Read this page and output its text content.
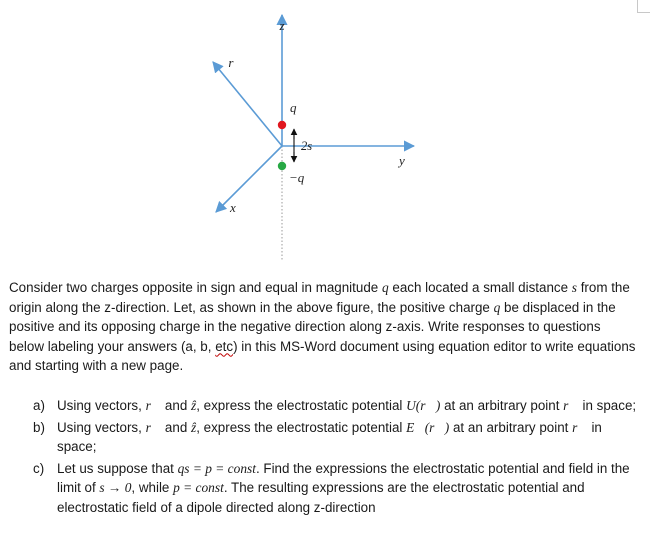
z
r⃗
q
2s
−q
y
x

Consider two charges opposite in sign and equal in magnitude q each located a small distance s from the origin along the z-direction. Let, as shown in the above figure, the positive charge q be displaced in the positive and its opposing charge in the negative direction along z-axis. Write responses to questions below labeling your answers (a, b, etc) in this MS-Word document using equation editor to write equations and starting with a new page.

a) Using vectors, r⃗ and ẑ, express the electrostatic potential U(r⃗) at an arbitrary point r⃗ in space;
b) Using vectors, r⃗ and ẑ, express the electrostatic potential E⃗(r⃗) at an arbitrary point r⃗ in space;
c) Let us suppose that qs = p = const. Find the expressions the electrostatic potential and field in the limit of s → 0, while p = const. The resulting expressions are the electrostatic potential and electrostatic field of a dipole directed along z-direction
